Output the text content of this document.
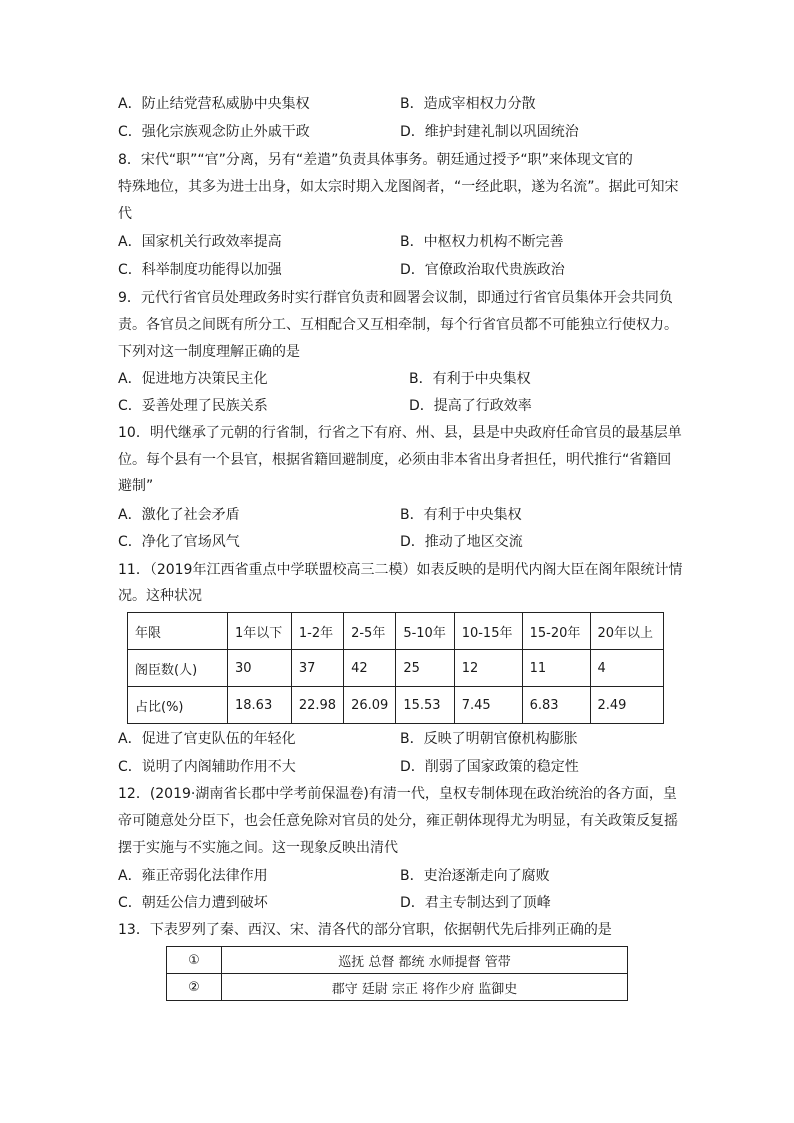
A．防止结党营私威胁中央集权	B．造成宰相权力分散
C．强化宗族观念防止外戚干政	D．维护封建礼制以巩固统治
8．宋代“职”“官”分离，另有“差遣”负责具体事务。朝廷通过授予“职”来体现文官的
特殊地位，其多为进士出身，如太宗时期入龙图阁者，“一经此职，遂为名流”。据此可知宋
代
A．国家机关行政效率提高	B．中枢权力机构不断完善
C．科举制度功能得以加强	D．官僚政治取代贵族政治
9．元代行省官员处理政务时实行群官负责和圆署会议制，即通过行省官员集体开会共同负
责。各官员之间既有所分工、互相配合又互相牵制，每个行省官员都不可能独立行使权力。
下列对这一制度理解正确的是
A．促进地方决策民主化	B．有利于中央集权
C．妥善处理了民族关系	D．提高了行政效率
10．明代继承了元朝的行省制，行省之下有府、州、县，县是中央政府任命官员的最基层单
位。每个县有一个县官，根据省籍回避制度，必须由非本省出身者担任，明代推行“省籍回
避制”
A．激化了社会矛盾	B．有利于中央集权
C．净化了官场风气	D．推动了地区交流
11．（2019年江西省重点中学联盟校高三二模）如表反映的是明代内阁大臣在阁年限统计情
况。这种状况
年限	1年以下	1-2年	2-5年	5-10年	10-15年	15-20年	20年以上
阁臣数(人)	30	37	42	25	12	11	4
占比(%)	18.63	22.98	26.09	15.53	7.45	6.83	2.49
A．促进了官吏队伍的年轻化	B．反映了明朝官僚机构膨胀
C．说明了内阁辅助作用不大	D．削弱了国家政策的稳定性
12．(2019·湖南省长郡中学考前保温卷)有清一代，皇权专制体现在政治统治的各方面，皇
帝可随意处分臣下，也会任意免除对官员的处分，雍正朝体现得尤为明显，有关政策反复摇
摆于实施与不实施之间。这一现象反映出清代
A．雍正帝弱化法律作用	B．吏治逐渐走向了腐败
C．朝廷公信力遭到破坏	D．君主专制达到了顶峰
13．下表罗列了秦、西汉、宋、清各代的部分官职，依据朝代先后排列正确的是
①	巡抚 总督 都统 水师提督 管带
②	郡守 廷尉 宗正 将作少府 监御史
